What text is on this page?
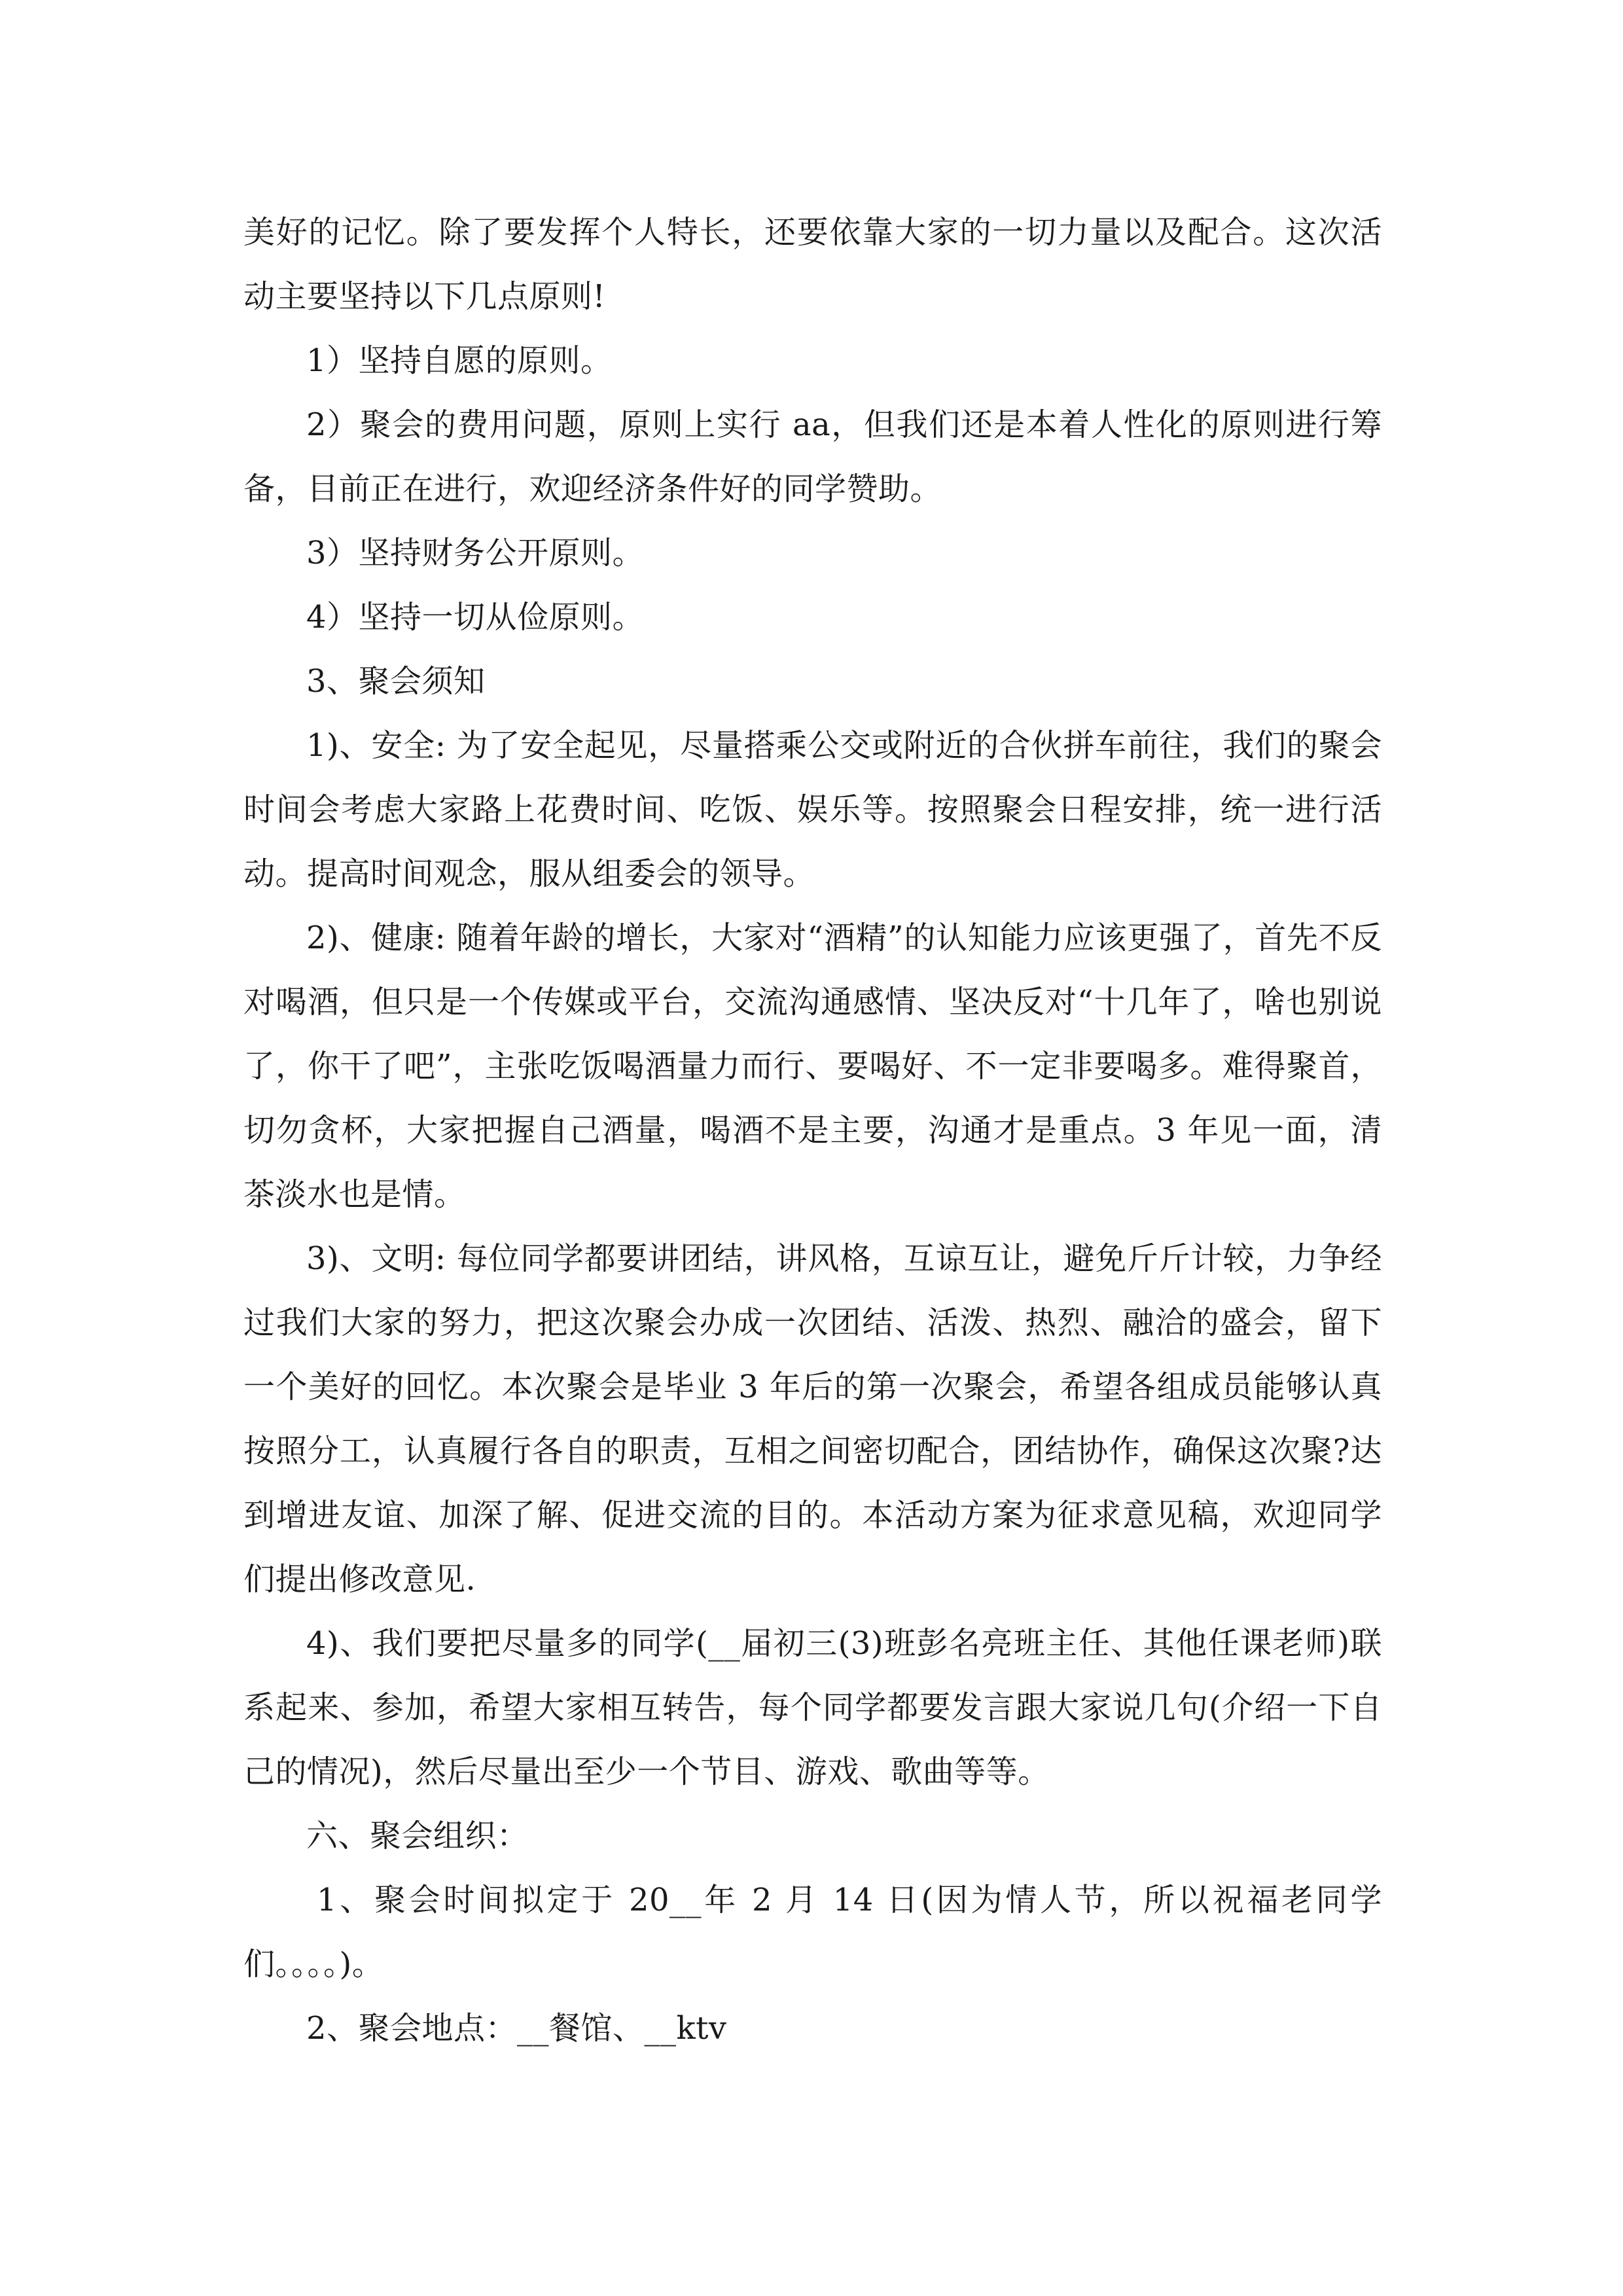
美好的记忆。除了要发挥个人特长，还要依靠大家的一切力量以及配合。这次活动主要坚持以下几点原则!

1）坚持自愿的原则。

2）聚会的费用问题，原则上实行 aa，但我们还是本着人性化的原则进行筹备，目前正在进行，欢迎经济条件好的同学赞助。

3）坚持财务公开原则。

4）坚持一切从俭原则。

3、聚会须知

1)、安全: 为了安全起见，尽量搭乘公交或附近的合伙拼车前往，我们的聚会时间会考虑大家路上花费时间、吃饭、娱乐等。按照聚会日程安排，统一进行活动。提高时间观念，服从组委会的领导。

2)、健康: 随着年龄的增长，大家对“酒精”的认知能力应该更强了，首先不反对喝酒，但只是一个传媒或平台，交流沟通感情、坚决反对“十几年了，啥也别说了，你干了吧”，主张吃饭喝酒量力而行、要喝好、不一定非要喝多。难得聚首，切勿贪杯，大家把握自己酒量，喝酒不是主要，沟通才是重点。3 年见一面，清茶淡水也是情。

3)、文明: 每位同学都要讲团结，讲风格，互谅互让，避免斤斤计较，力争经过我们大家的努力，把这次聚会办成一次团结、活泼、热烈、融洽的盛会，留下一个美好的回忆。本次聚会是毕业 3 年后的第一次聚会，希望各组成员能够认真按照分工，认真履行各自的职责，互相之间密切配合，团结协作，确保这次聚?达到增进友谊、加深了解、促进交流的目的。本活动方案为征求意见稿，欢迎同学们提出修改意见.

4)、我们要把尽量多的同学(__届初三(3)班彭名亮班主任、其他任课老师)联系起来、参加，希望大家相互转告，每个同学都要发言跟大家说几句(介绍一下自己的情况)，然后尽量出至少一个节目、游戏、歌曲等等。

六、聚会组织：

1、聚会时间拟定于 20__年 2 月 14 日(因为情人节，所以祝福老同学们。。。。)。

2、聚会地点：__餐馆、__ktv
